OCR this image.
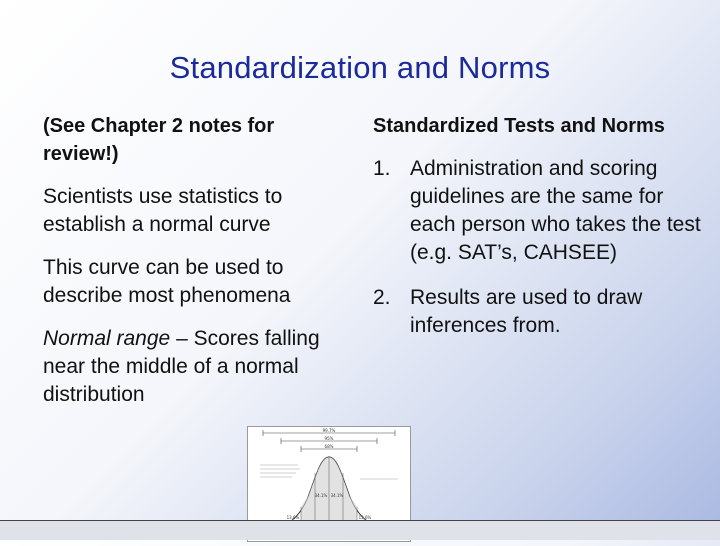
Standardization and Norms
(See Chapter 2 notes for review!)
Scientists use statistics to establish a normal curve
This curve can be used to describe most phenomena
Normal range – Scores falling near the middle of a normal distribution
Standardized Tests and Norms
1. Administration and scoring guidelines are the same for each person who takes the test (e.g. SAT’s, CAHSEE)
2. Results are used to draw inferences from.
99.7%
95%
68%
34.1% 34.1%
13.6%	13.6%
